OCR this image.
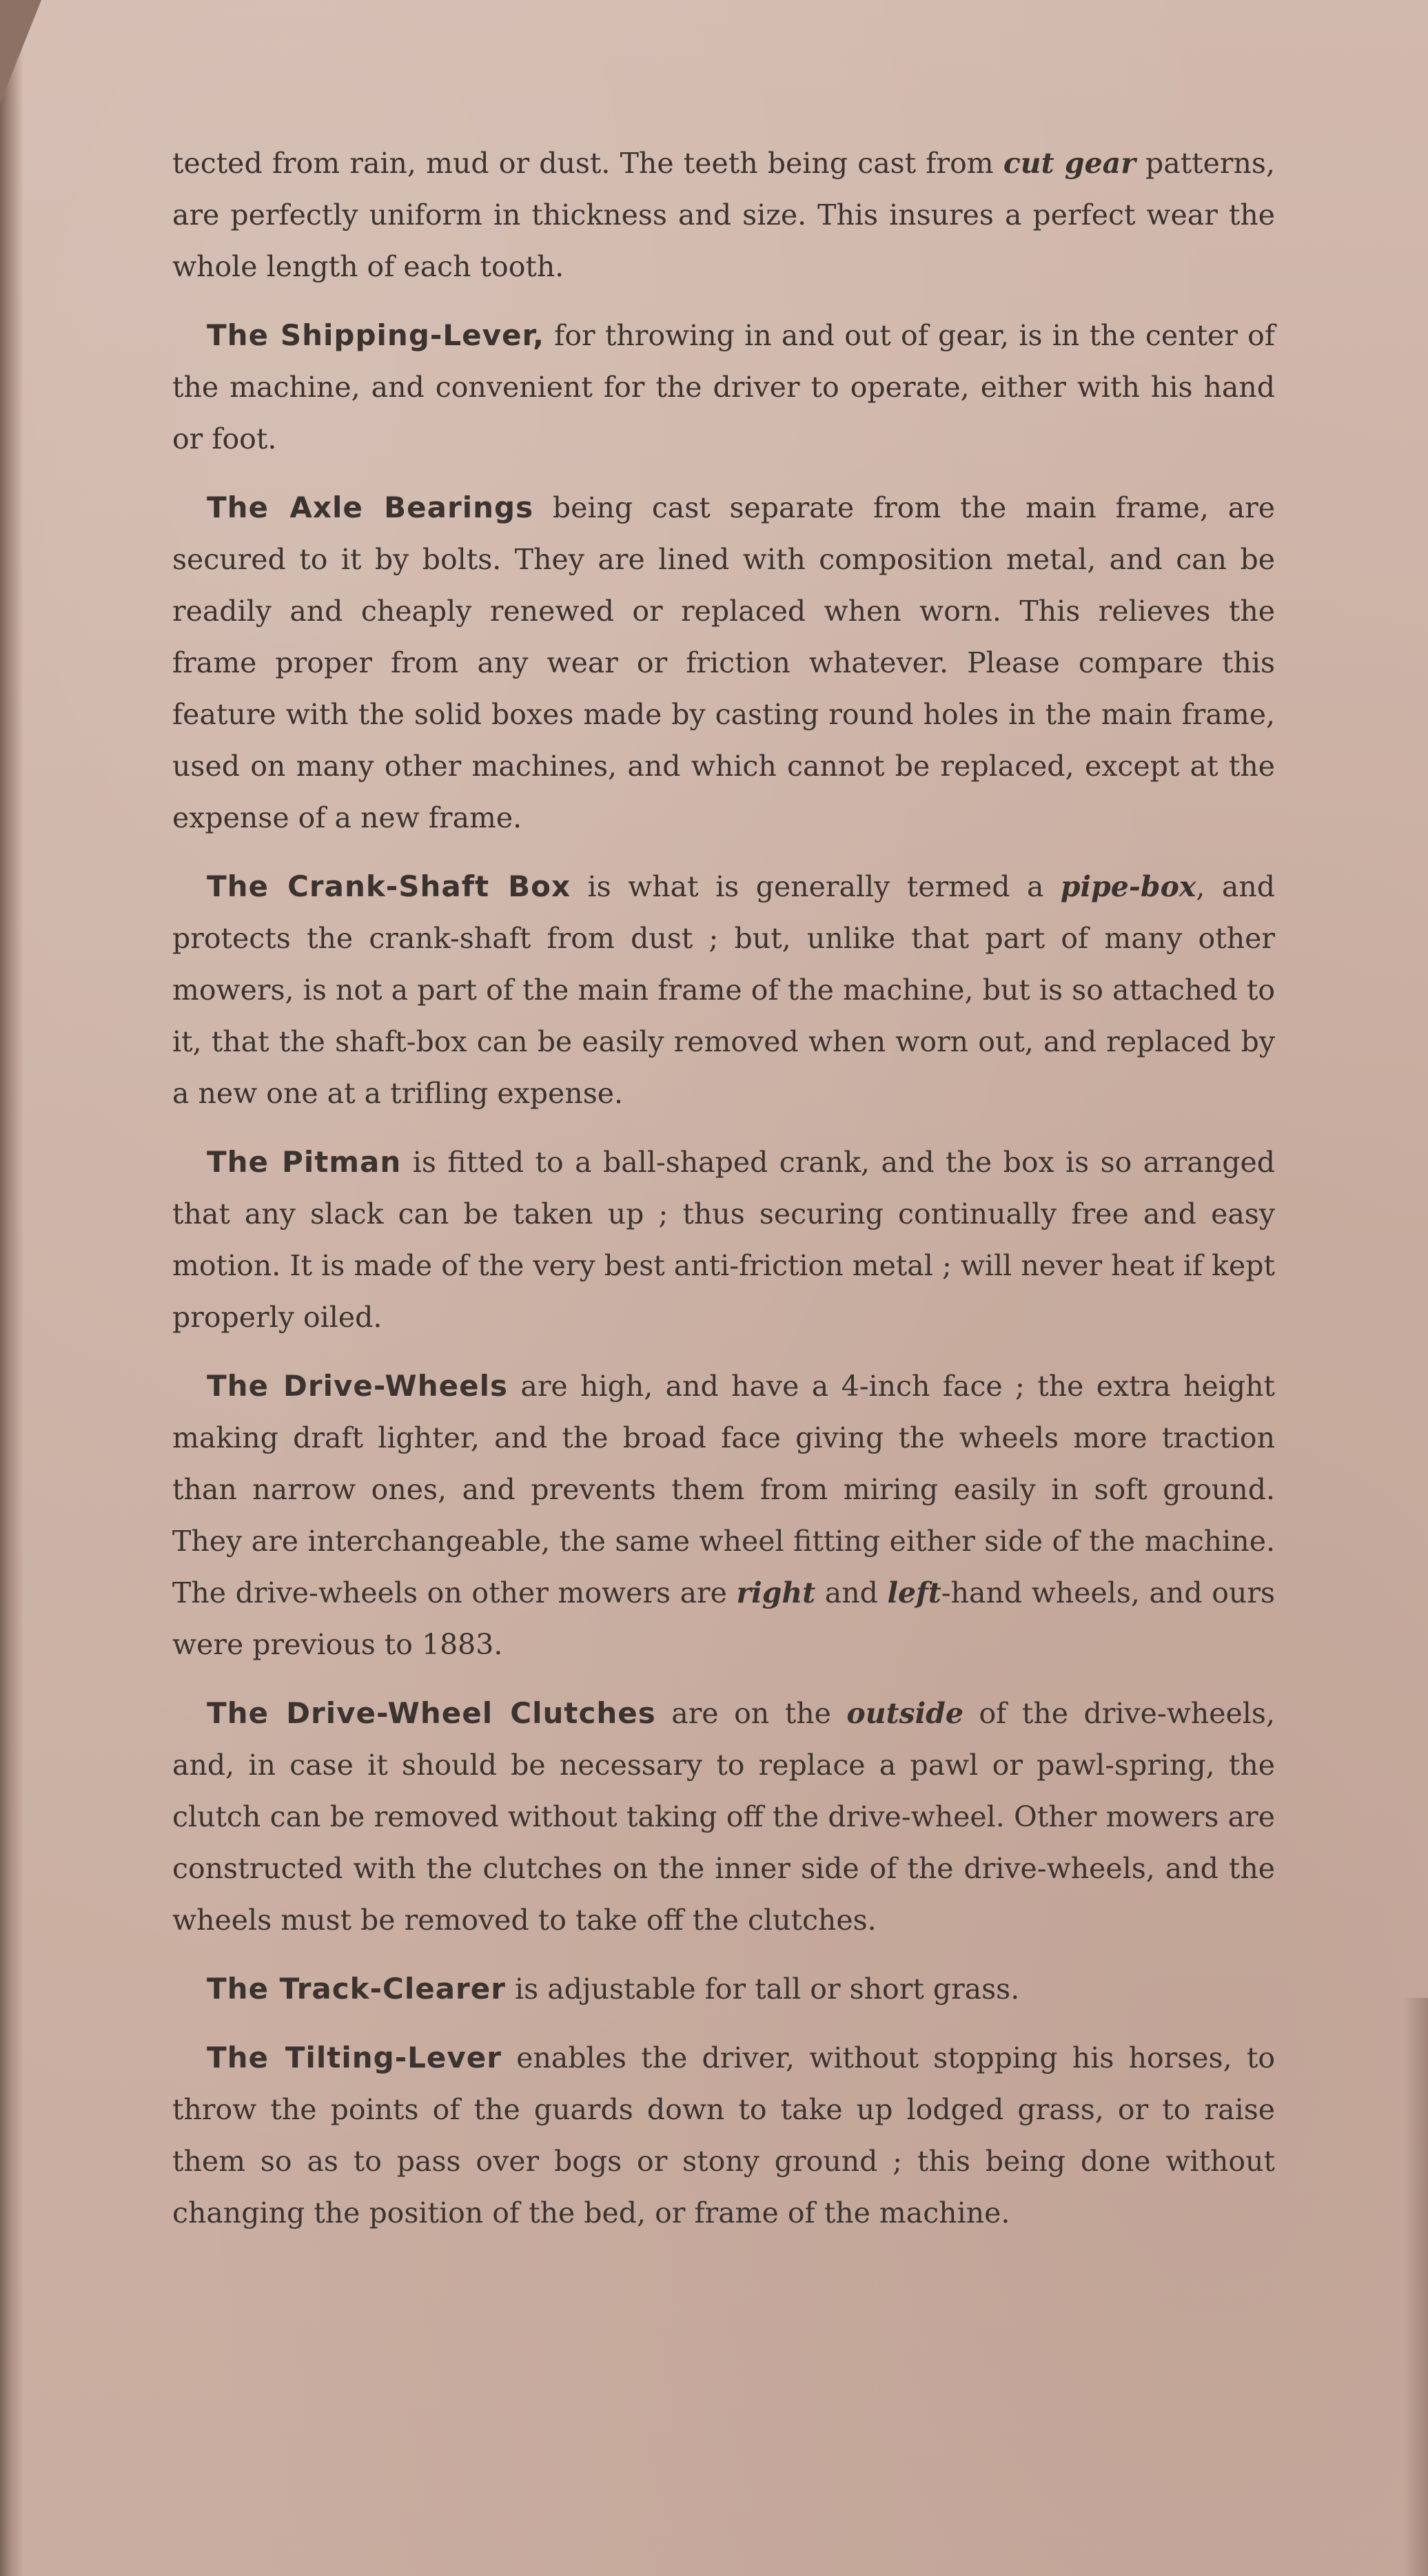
tected from rain, mud or dust. The teeth being cast from cut gear patterns, are perfectly uniform in thickness and size. This insures a perfect wear the whole length of each tooth.

The Shipping-Lever, for throwing in and out of gear, is in the center of the machine, and convenient for the driver to operate, either with his hand or foot.

The Axle Bearings being cast separate from the main frame, are secured to it by bolts. They are lined with composition metal, and can be readily and cheaply renewed or replaced when worn. This relieves the frame proper from any wear or friction whatever. Please compare this feature with the solid boxes made by casting round holes in the main frame, used on many other machines, and which cannot be replaced, except at the expense of a new frame.

The Crank-Shaft Box is what is generally termed a pipe-box, and protects the crank-shaft from dust ; but, unlike that part of many other mowers, is not a part of the main frame of the machine, but is so attached to it, that the shaft-box can be easily removed when worn out, and replaced by a new one at a trifling expense.

The Pitman is fitted to a ball-shaped crank, and the box is so arranged that any slack can be taken up ; thus securing continually free and easy motion. It is made of the very best anti-friction metal ; will never heat if kept properly oiled.

The Drive-Wheels are high, and have a 4-inch face ; the extra height making draft lighter, and the broad face giving the wheels more traction than narrow ones, and prevents them from miring easily in soft ground. They are interchangeable, the same wheel fitting either side of the machine. The drive-wheels on other mowers are right and left-hand wheels, and ours were previous to 1883.

The Drive-Wheel Clutches are on the outside of the drive-wheels, and, in case it should be necessary to replace a pawl or pawl-spring, the clutch can be removed without taking off the drive-wheel. Other mowers are constructed with the clutches on the inner side of the drive-wheels, and the wheels must be removed to take off the clutches.

The Track-Clearer is adjustable for tall or short grass.

The Tilting-Lever enables the driver, without stopping his horses, to throw the points of the guards down to take up lodged grass, or to raise them so as to pass over bogs or stony ground ; this being done without changing the position of the bed, or frame of the machine.
